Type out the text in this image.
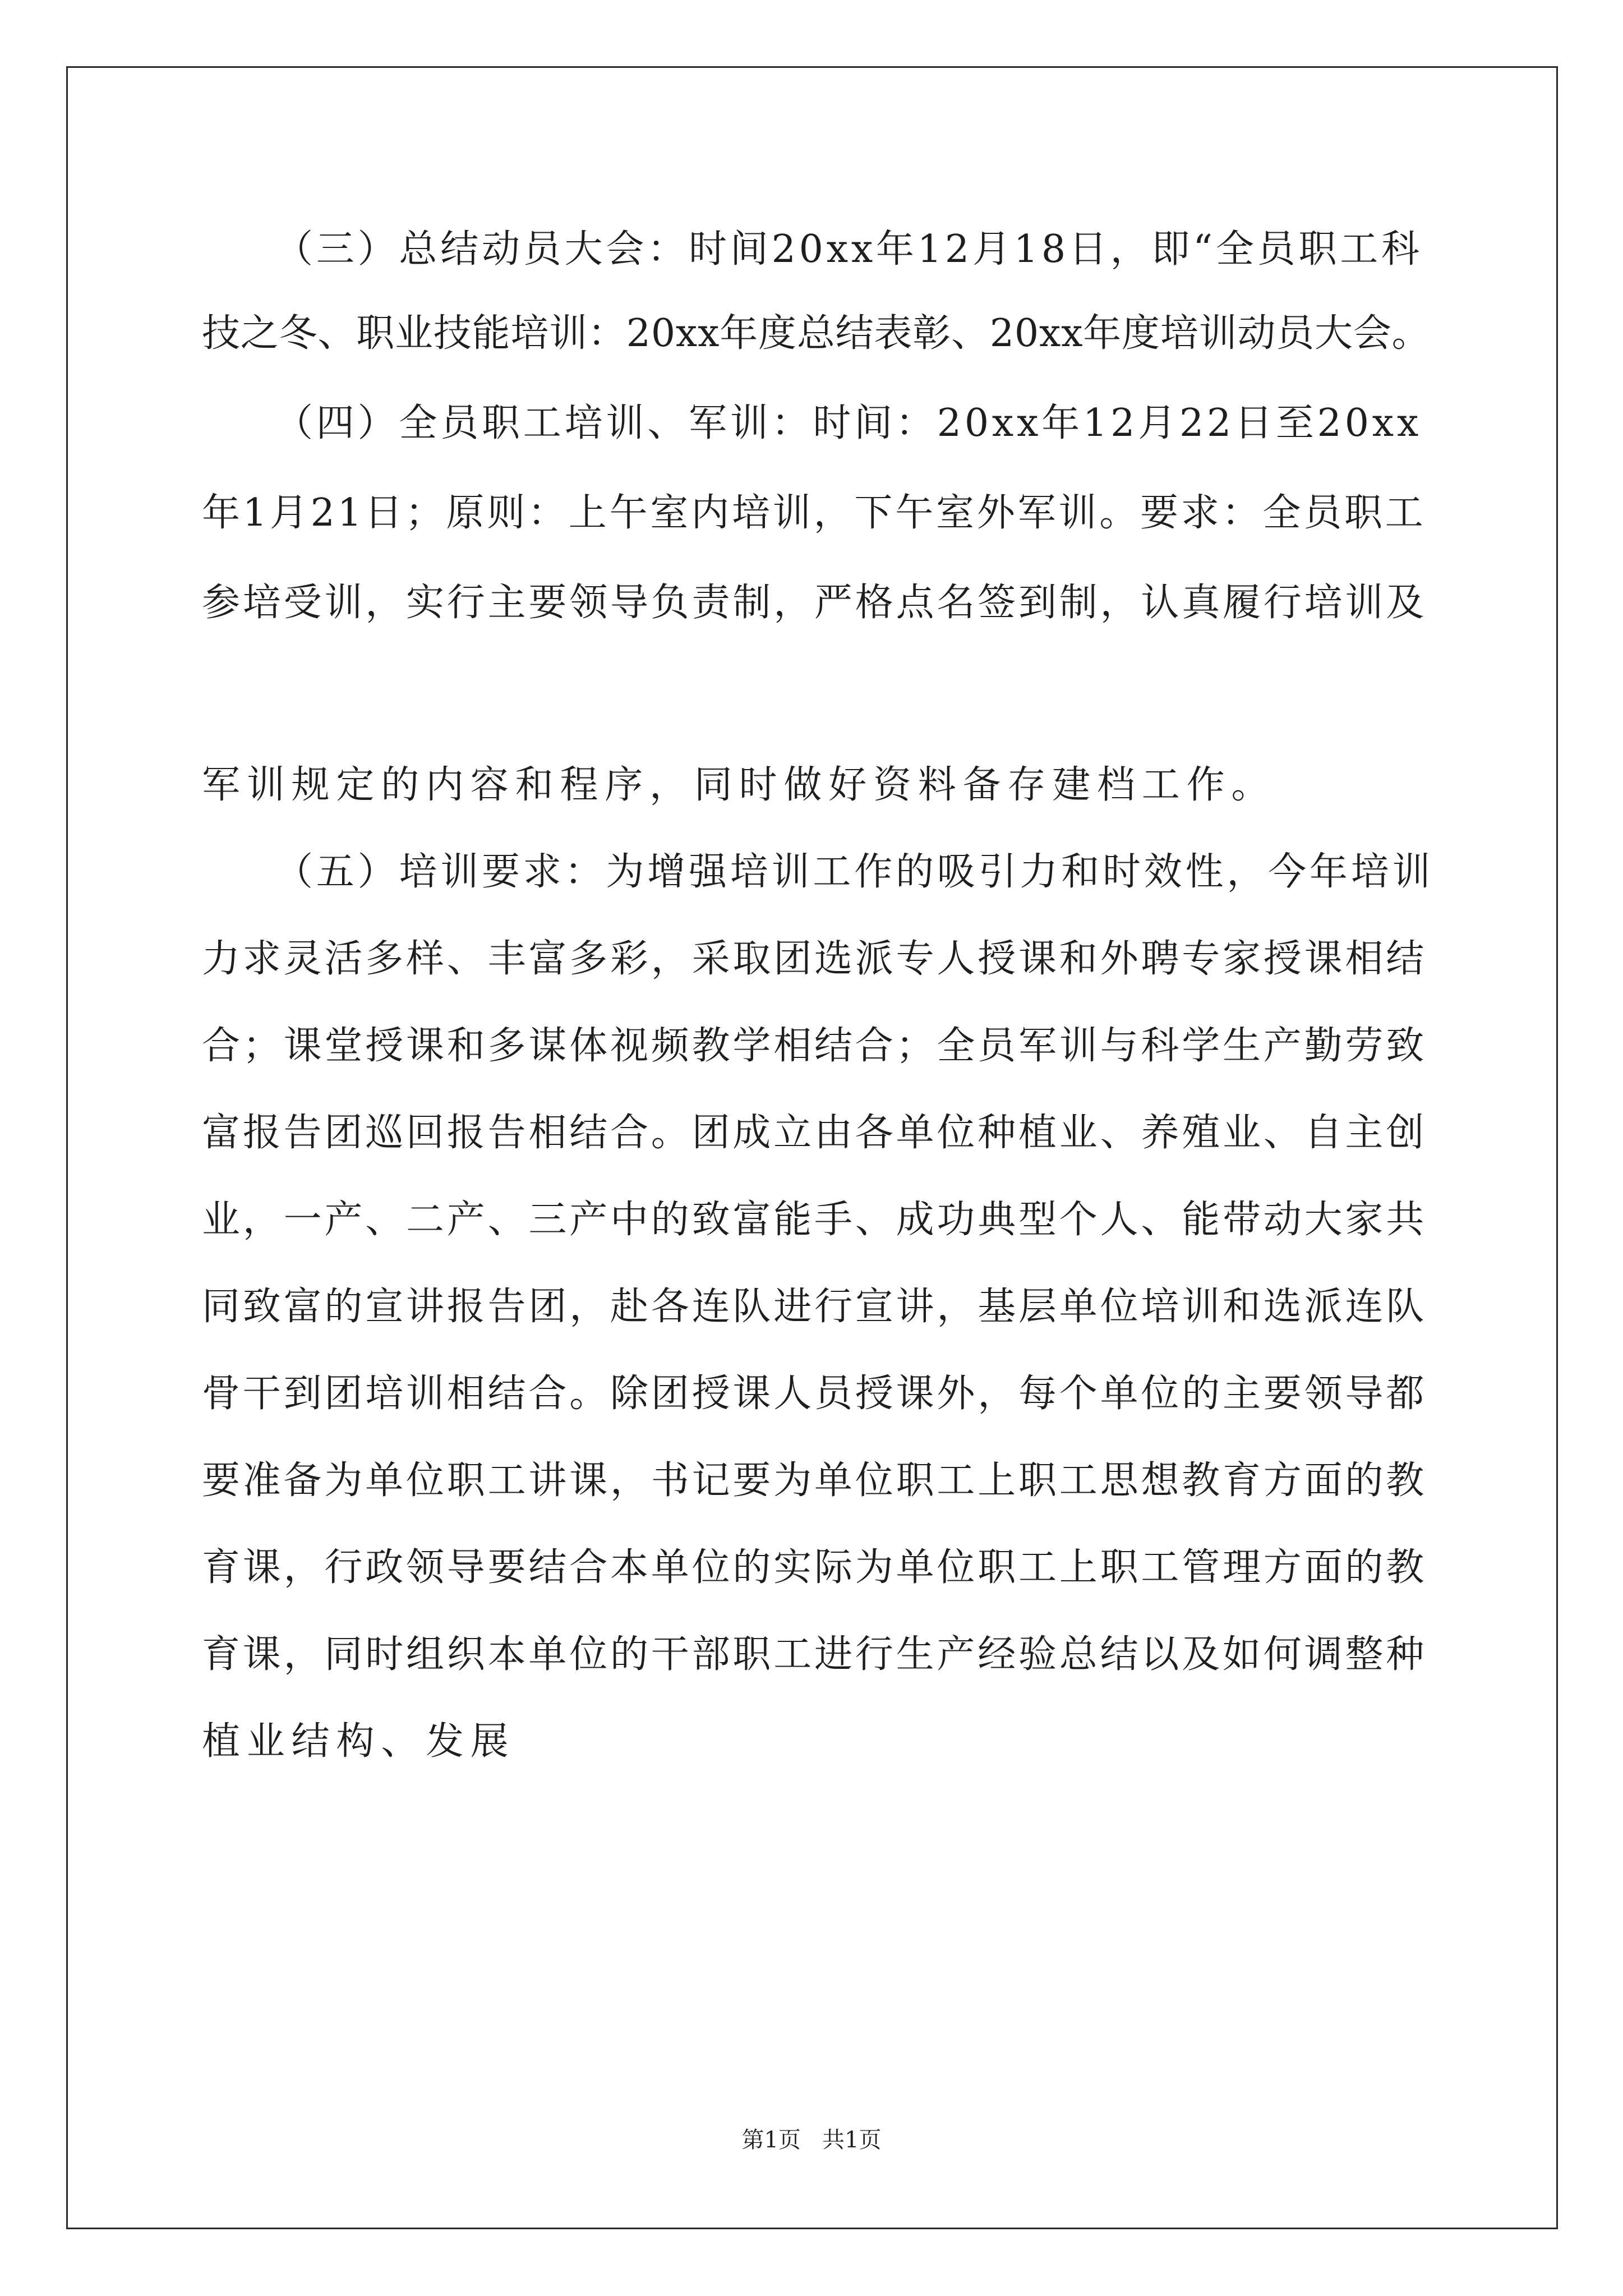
（三）总结动员大会：时间20xx年12月18日，即“全员职工科
技之冬、职业技能培训：20xx年度总结表彰、20xx年度培训动员大会。
（四）全员职工培训、军训：时间：20xx年12月22日至20xx
年1月21日；原则：上午室内培训，下午室外军训。要求：全员职工
参培受训，实行主要领导负责制，严格点名签到制，认真履行培训及
军训规定的内容和程序，同时做好资料备存建档工作。
（五）培训要求：为增强培训工作的吸引力和时效性，今年培训
力求灵活多样、丰富多彩，采取团选派专人授课和外聘专家授课相结
合；课堂授课和多谋体视频教学相结合；全员军训与科学生产勤劳致
富报告团巡回报告相结合。团成立由各单位种植业、养殖业、自主创
业，一产、二产、三产中的致富能手、成功典型个人、能带动大家共
同致富的宣讲报告团，赴各连队进行宣讲，基层单位培训和选派连队
骨干到团培训相结合。除团授课人员授课外，每个单位的主要领导都
要准备为单位职工讲课，书记要为单位职工上职工思想教育方面的教
育课，行政领导要结合本单位的实际为单位职工上职工管理方面的教
育课，同时组织本单位的干部职工进行生产经验总结以及如何调整种
植业结构、发展
第1页   共1页
